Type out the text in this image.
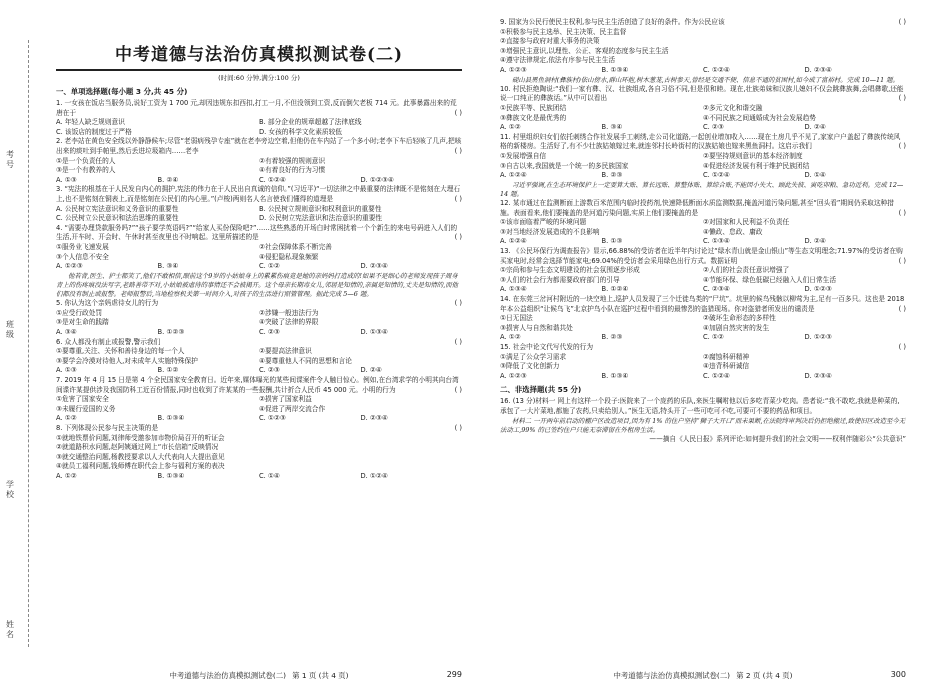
考号
班级
学校
姓名
中考道德与法治仿真模拟测试卷(二)
(时间:60 分钟,满分:100 分)
一、单项选择题(每小题 3 分,共 45 分)

1. 一女孩在饭店当服务员,说好工资为 1 700 元,却因违规东扣西扣,打工一月,不但没领到工资,反而倒欠老板 714 元。此事暴露出来的荒唐在于	( )

A. 年轻人缺乏规则意识	B. 部分企业的规章超越了法律底线
C. 该饭店的制度过于严格	D. 女孩的科学文化素质较低

2. 老李站在黄色安全线以外静静候车;尽管“老弱病残孕专座”就在老李旁边空着,但他仍在车内站了一个多小时;老李下车后轻咳了几声,把咳出来的痰吐到手帕里,然后丢进垃圾箱内……老李	( )

①是一个负责任的人	②有着较强的规则意识
③是一个有教养的人	④有着良好的行为习惯
A. ①③	B. ②④	C. ①②④	D. ①②③④

3. “宪法的根基在于人民发自内心的拥护,宪法的伟力在于人民出自真诚的信仰。”(习近平)“一切法律之中最重要的法律既不是铭刻在大理石上,也不是铭刻在铜表上,而是铭刻在公民们的内心里。”(卢梭)两则名人名言使我们懂得的道理是	( )

A. 公民树立宪法意识和义务意识的重要性	B. 公民树立规则意识和权利意识的重要性
C. 公民树立公民意识和法治思维的重要性	D. 公民树立宪法意识和法治意识的重要性

4. “需要办理贷款服务吗?”“孩子要学英语吗?”“给家人买份保险吧?”……这些熟悉的开场白时常困扰着一个个新生的来电号码进入人们的生活,开车时、开会时、午休时甚至夜里也不时响起。这里所描述的是	( )

①服务业飞速发展	②社会保障体系不断完善
③个人信息不安全	④侵犯隐私现象频繁
A. ①②③	B. ③④	C. ①②	D. ②③④

他若背,医生、护士都笑了,他们不敢相信,眼前这个9岁的小姑娘身上的累累伤痕竟是她的亲妈妈打造成的!如果不是细心的老师发现孩子周身青上的伤疼痕没法写字,老路善带不对,小姑娘被虐待的事情还不会被揭开。这个母亲长期毒女儿,邻居是知情的,亲属是知情的,丈夫是知情的,而他们都没有制止或报警。老师报警后,当地检察机关第一时间介入,对孩子的生活进行照管管理。据此完成 5—6 题。

5. 你认为这个亲妈虐待女儿的行为	( )

①应受行政处罚	②涉嫌一般违法行为
③是对生命的践踏	④突破了法律的界限
A. ③④	B. ①②③	C. ②③	D. ①③④

6. 众人都没有制止或报警,警示我们	( )

①要尊重,关注、关怀和善待身边的每一个人	②要提高法律意识
③要学会冷漠对待他人,对未成年人实施特殊保护	④要尊重他人不同的思想和言论
A. ①③	B. ①②	C. ②③	D. ②④

7. 2019 年 4 月 15 日是第 4 个全民国家安全教育日。近年来,媒体曝光的某些间谍案件令人触目惊心。例如,在台湾求学的小明其向台湾间谍许某提供涉及我国防科工近百份情报,同时也收到了许某某的一些报酬,共计折合人民币 45 000 元。小明的行为	( )

①危害了国家安全	②损害了国家利益
③未履行爱国的义务	④促进了两岸交流合作
A. ①②	B. ①③④	C. ①②③	D. ②③④

8. 下列体现公民参与民主决策的是	( )

①就地铁票价问题,刘律师受邀参加市物价局召开的听证会
②就道路积水问题,赵阿姨通过网上“市长信箱”反映情况
③就交通整治问题,杨教授要求以人大代表向人大提出意见
④就员工福利问题,钱师傅在职代会上参与福利方案的表决
A. ①②	B. ①③④	C. ①④	D. ①②④
中考道德与法治仿真模拟测试卷(二) 第 1 页 (共 4 页)	299

9. 国家为公民行使民主权利,参与民主生活创造了良好的条件。作为公民应该	( )

①积极参与民主选举、民主决策、民主监督
②直接参与政府对重大事务的决策
③增强民主意识,以理性、公正、客观的态度参与民主生活
④遵守法律规定,依法有序参与民主生活
A. ①②③	B. ①③④	C. ①②④	D. ②③④

砚山县黑鱼洞村(彝族村)依山傍水,群山环抱,树木葱茏,古树参天,曾经是交通不便、信息不通的贫困村,如今成了富裕村。完成 10—11 题。

10. 村民拒绝陶说:“我们一家有彝、汉、壮族组成,各自习俗不同,但是很和睦。现在,壮族弟妹和汉族儿媳妇不仅会跳彝族舞,会唱彝歌,还能说一口纯正的彝族话。”从中可以看出	( )

①民族平等、民族团结	②多元文化和谐交融
③彝族文化是最优秀的	④不同民族之间通婚成为社会发展趋势
A. ①②	B. ③④	C. ②③	D. ②④

11. 村里组织妇女们依托刺绣合作社发展手工刺绣,走公司化道路,一起创业增加收入……现在土房几乎不见了,家家户户盖起了彝族传统风格的新楼房。生活好了,有不少壮族姑娘嫁过来,就连邻村长岭街村的汉族姑娘也嫁来黑鱼洞村。这启示我们	( )

①发展增强自信	②要坚持规则意识的基本经济制度
③自古以来,我国就是一个统一的多民族国家	④促进经济发展有利于维护民族团结
A. ①②④	B. ②③	C. ①②④	D. ①④

习近平强调,在生态环境保护上一定要算大账、算长远账、算整体账、算综合账,不能因小失大、顾此失彼、寅吃卯粮、急功近利。完成 12—14 题。

12. 某市通过在监测断面上游数百米范围内临时投药剂,快速降低断面水质监测数据,掩盖河道污染问题,甚至“回头看”期间仍采取这种措施。表面看来,他们要掩盖的是河道污染问题,实质上他们要掩盖的是	( )

①该市面临着严峻的环境问题	②对国家和人民利益不负责任
③对当地经济发展造成的不良影响	④懒政、怠政、庸政
A. ①②④	B. ①③	C. ①③④	D. ②④

13. 《公民环保行为调查报告》显示,66.88%的受访者在近半年内讨论过“绿水青山就是金山银山”等生态文明理念;71.97%的受访者在购买家电时,经常会选择节能家电;69.04%的受访者会采用绿色出行方式。数据证明	( )

①宗尚和参与生态文明建设的社会氛围逐步形成	②人们的社会责任意识增强了
③人们的社会行为都需要政府部门的引导	④节能环保、绿色低碳已经融入人们日常生活
A. ①③④	B. ①②④	C. ②③④	D. ①②③

14. 在东莞三岔河村附近的一块空地上,巡护人员发现了三个迁徙鸟类的“尸坑”。坑里的候鸟残骸以柳莺为主,足有一百多只。这也是 2018 年本公益组织“让候鸟飞”北京护鸟小队在巡护过程中看到的最惨烈的盗猎现场。你对盗猎者所发出的谴责是	( )

①日无国法	②破坏生命形态的多样性
③损害人与自然和谐共处	④加剧自然灾害的发生
A. ①②	B. ②③	C. ①②	D. ①②③

15. 社会中论文代写代发的行为	( )

①满足了公众学习需求	②腐蚀科研精神
③降低了文化创新力	④违背科研诚信
A. ①②③	B. ①③④	C. ①②④	D. ②③④
二、非选择题(共 55 分)

16. (13 分)材料一 网上有这样一个段子:医院来了一个庞药的乐队,来医生嘱咐他以后多吃青菜少吃肉。患者说:“我不敢吃,我就是种菜的,承包了一大片菜地,都施了农药,只卖给别人。”医生无语,特头开了一些可吃可不吃,可要可不要的药品和项目。

材料二 一开两年前启动的棚户区改造项目,因为有 1% 的住户坚持“狮子大开口”而未果断,在法院终审判决后仍拒绝搬迁,致使旧区改造至今无法动工,99% 的已签约住户只能无奈滞留在外租房生活。

——摘自《人民日报》系列评论:如何提升我们的社会文明——权利伴随彩公“公共意识”

中考道德与法治仿真模拟测试卷(二) 第 2 页 (共 4 页)	300
